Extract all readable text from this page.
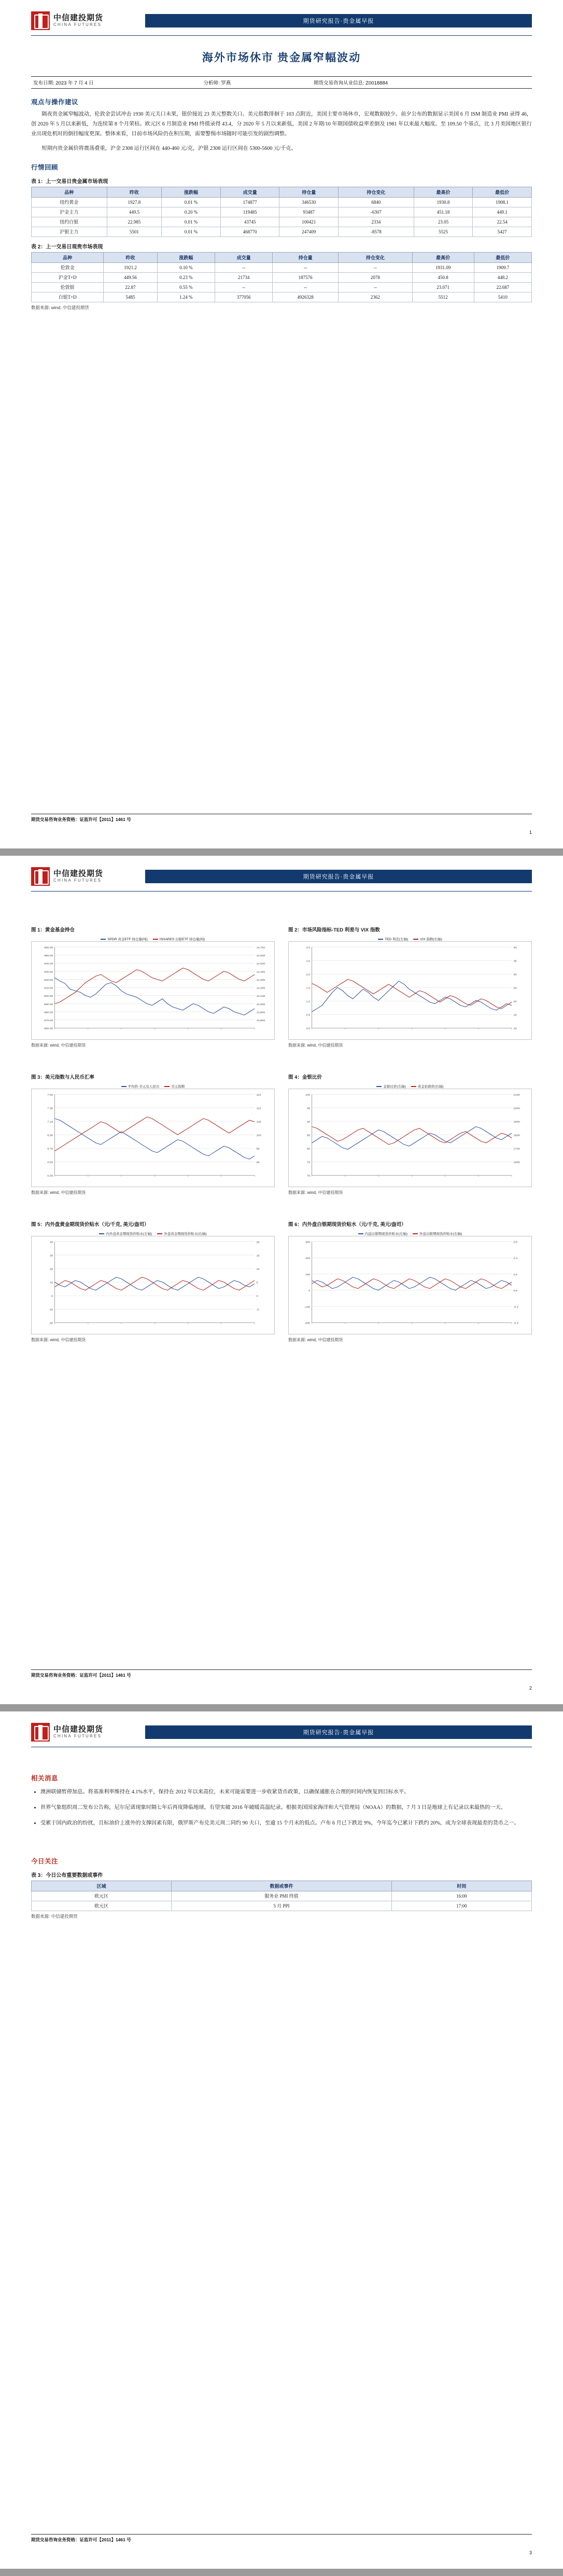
中信建投期货
CHINA FUTURES
期货研究报告·贵金属早报
海外市场休市 贵金属窄幅波动
发布日期: 2023 年 7 月 4 日	分析师: 罗燕	期货交易咨询从业信息: Z0018884
观点与操作建议

隔夜贵金属窄幅波动，伦敦金尝试冲击 1930 美元关口未果，银价接近 23 美元整数关口。美元指数徘徊于 103 点附近，美国主要市场休市，宏观数据较少。前夕公布的数据显示美国 6 月 ISM 制造业 PMI 录得 46，创 2020 年 5 月以来新低，为连续第 8 个月荣枯。欧元区 6 月制造业 PMI 终值录得 43.4，分 2020 年 5 月以来新低，美国 2 年期/10 年期国债收益率差倒及 1981 年以来最大幅度。至 109.50 个基点，比 3 月美国地区银行业出现危机时的倒挂幅度更深。整体来看，目前市场风险仍在积压期，需要警惕市场随时可能引发的剧烈调整。

短期内贵金属价将震荡叠重，沪金 2308 运行区间在 440-460 元/克，沪银 2308 运行区间在 5300-5600 元/千克。

行情回顾
表 1：上一交易日贵金属市场表现
品种	昨收	涨跌幅	成交量	持仓量	持仓变化	最高价	最低价
纽约黄金	1927.8	0.01 %	174877	346530	6840	1930.8	1908.1
沪金主力	449.5	0.20 %	119485	93487	-6307	451.18	449.1
纽约白银	22.985	0.01 %	43745	100421	2334	23.05	22.54
沪银主力	5501	0.01 %	468770	247409	-8578	5525	5427
表 2：上一交易日观贵市场表现
品种	昨收	涨跌幅	成交量	持仓量	持仓变化	最高价	最低价
伦敦金	1921.2	0.10 %	--	--	--	1931.09	1909.7
沪金T+D	449.56	0.23 %	21734	187576	2078	450.8	448.2
伦敦银	22.87	0.55 %	--	--	--	23.071	22.687
白银T+D	5485	1.24 %	377056	4926328	2362	5512	5410
数据来源: wind, 中信建投期货
期货交易咨询业务资格：证监许可【2011】1461 号
1
中信建投期货
CHINA FUTURES
期货研究报告·贵金属早报
图 1：黄金基金持仓
SPDR 黄金ETF 持仓量(吨)	ISHARES 白银ETF 持仓量(吨)
960.00	14,700
950.00	14,600
940.00	14,500
930.00	14,400
920.00	14,300
910.00	14,200
900.00	14,100
890.00	14,000
880.00	13,900
870.00	13,800
860.00
数据来源: wind, 中信建投期货
图 2：市场风险指标-TED 利差与 VIX 指数
TED 利差(左轴)	VIX 指数(右轴)
3.0	40
2.5	35
2.0	30
1.5	25
1.0	20
0.5	15
0.0	10
数据来源: wind, 中信建投期货
图 3：美元指数与人民币汇率
平均价-美元兑人民币	美元指数
7.50	115
7.30	110
7.10	105
6.90	100
6.70	95
6.50	90
6.30
数据来源: wind, 中信建投期货
图 4：金银比价
金银比价(左轴)	黄金伦敦价(右轴)
100	2100
95	2000
90	1900
85	1800
80	1700
75	1600
70
数据来源: wind, 中信建投期货
图 5：内外盘黄金期现货价贴水（元/千克, 美元/盎司）
内外盘黄金期现货价贴水(左轴)	外盘黄金期现货价贴水(右轴)
40	20
30	15
20	10
10	5
0	0
-10	-5
-20
数据来源: wind, 中信建投期货
图 6：内外盘白银期现货价贴水（元/千克, 美元/盎司）
内盘白银期现货价贴水(左轴)	外盘白银期现货价贴水(右轴)
300	0.6
200	0.4
100	0.2
0	0.0
-100	-0.2
-200	-0.4
数据来源: wind, 中信建投期货
期货交易咨询业务资格：证监许可【2011】1461 号
2
中信建投期货
CHINA FUTURES
期货研究报告·贵金属早报
相关消息
• 澳洲联储暂停加息。将基准利率维持在 4.1%水平，保持在 2012 年以来高位，未来可能需要进一步收紧货币政策，以确保通胀在合理的时间内恢复到目标水平。
• 世界气象组织周二发布公告称，尼尔尼诺现象时隔七年后再度降临地球，有望实破 2016 年破暖高温纪录。根据美国国家海洋和大气管理局（NOAA）的数据，7 月 3 日是地球上有记录以来最热的一天。
• 受累于国内政治的纷扰，且标油价上涨外的支撑因素有限，俄罗斯产布兑美元周二同约 90 夫口，至逾 15 个月未的低点。卢布 6 月已下跌近 9%，今年迄今已累计下跌约 20%，成为全球表现最差的货币之一。
今日关注
表 3：今日公布重要数据或事件
区域	数据或事件	时间
欧元区	服务业 PMI 终值	16:00
欧元区	5 月 PPI	17:00
数据来源: 中信建投期货
期货交易咨询业务资格：证监许可【2011】1461 号
3
